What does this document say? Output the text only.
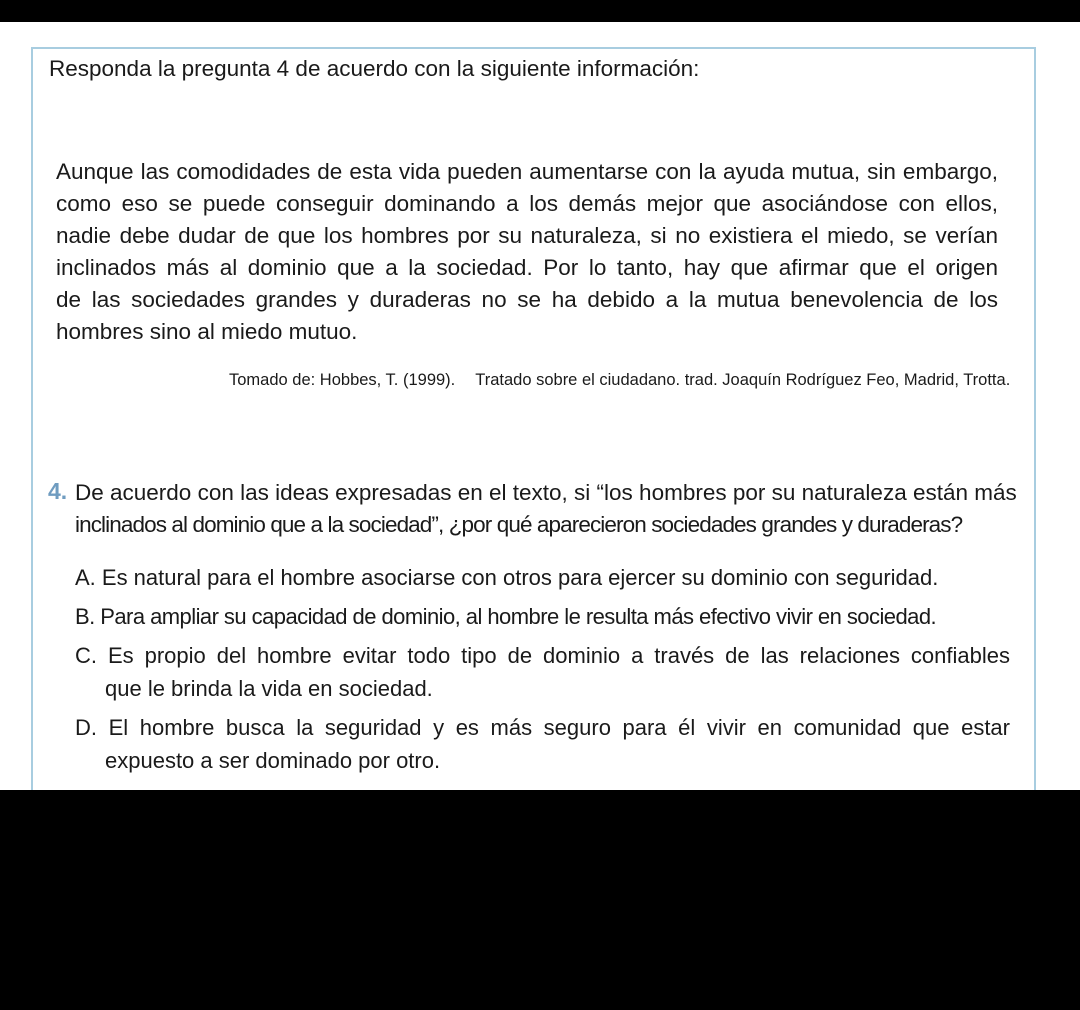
Responda la pregunta 4 de acuerdo con la siguiente información:
Aunque las comodidades de esta vida pueden aumentarse con la ayuda mutua, sin embargo,
como eso se puede conseguir dominando a los demás mejor que asociándose con ellos,
nadie debe dudar de que los hombres por su naturaleza, si no existiera el miedo, se verían
inclinados más al dominio que a la sociedad. Por lo tanto, hay que afirmar que el origen
de las sociedades grandes y duraderas no se ha debido a la mutua benevolencia de los
hombres sino al miedo mutuo.
Tomado de: Hobbes, T. (1999). Tratado sobre el ciudadano. trad. Joaquín Rodríguez Feo, Madrid, Trotta.
4. De acuerdo con las ideas expresadas en el texto, si “los hombres por su naturaleza están más
inclinados al dominio que a la sociedad”, ¿por qué aparecieron sociedades grandes y duraderas?
A. Es natural para el hombre asociarse con otros para ejercer su dominio con seguridad.
B. Para ampliar su capacidad de dominio, al hombre le resulta más efectivo vivir en sociedad.
C. Es propio del hombre evitar todo tipo de dominio a través de las relaciones confiables
que le brinda la vida en sociedad.
D. El hombre busca la seguridad y es más seguro para él vivir en comunidad que estar
expuesto a ser dominado por otro.
